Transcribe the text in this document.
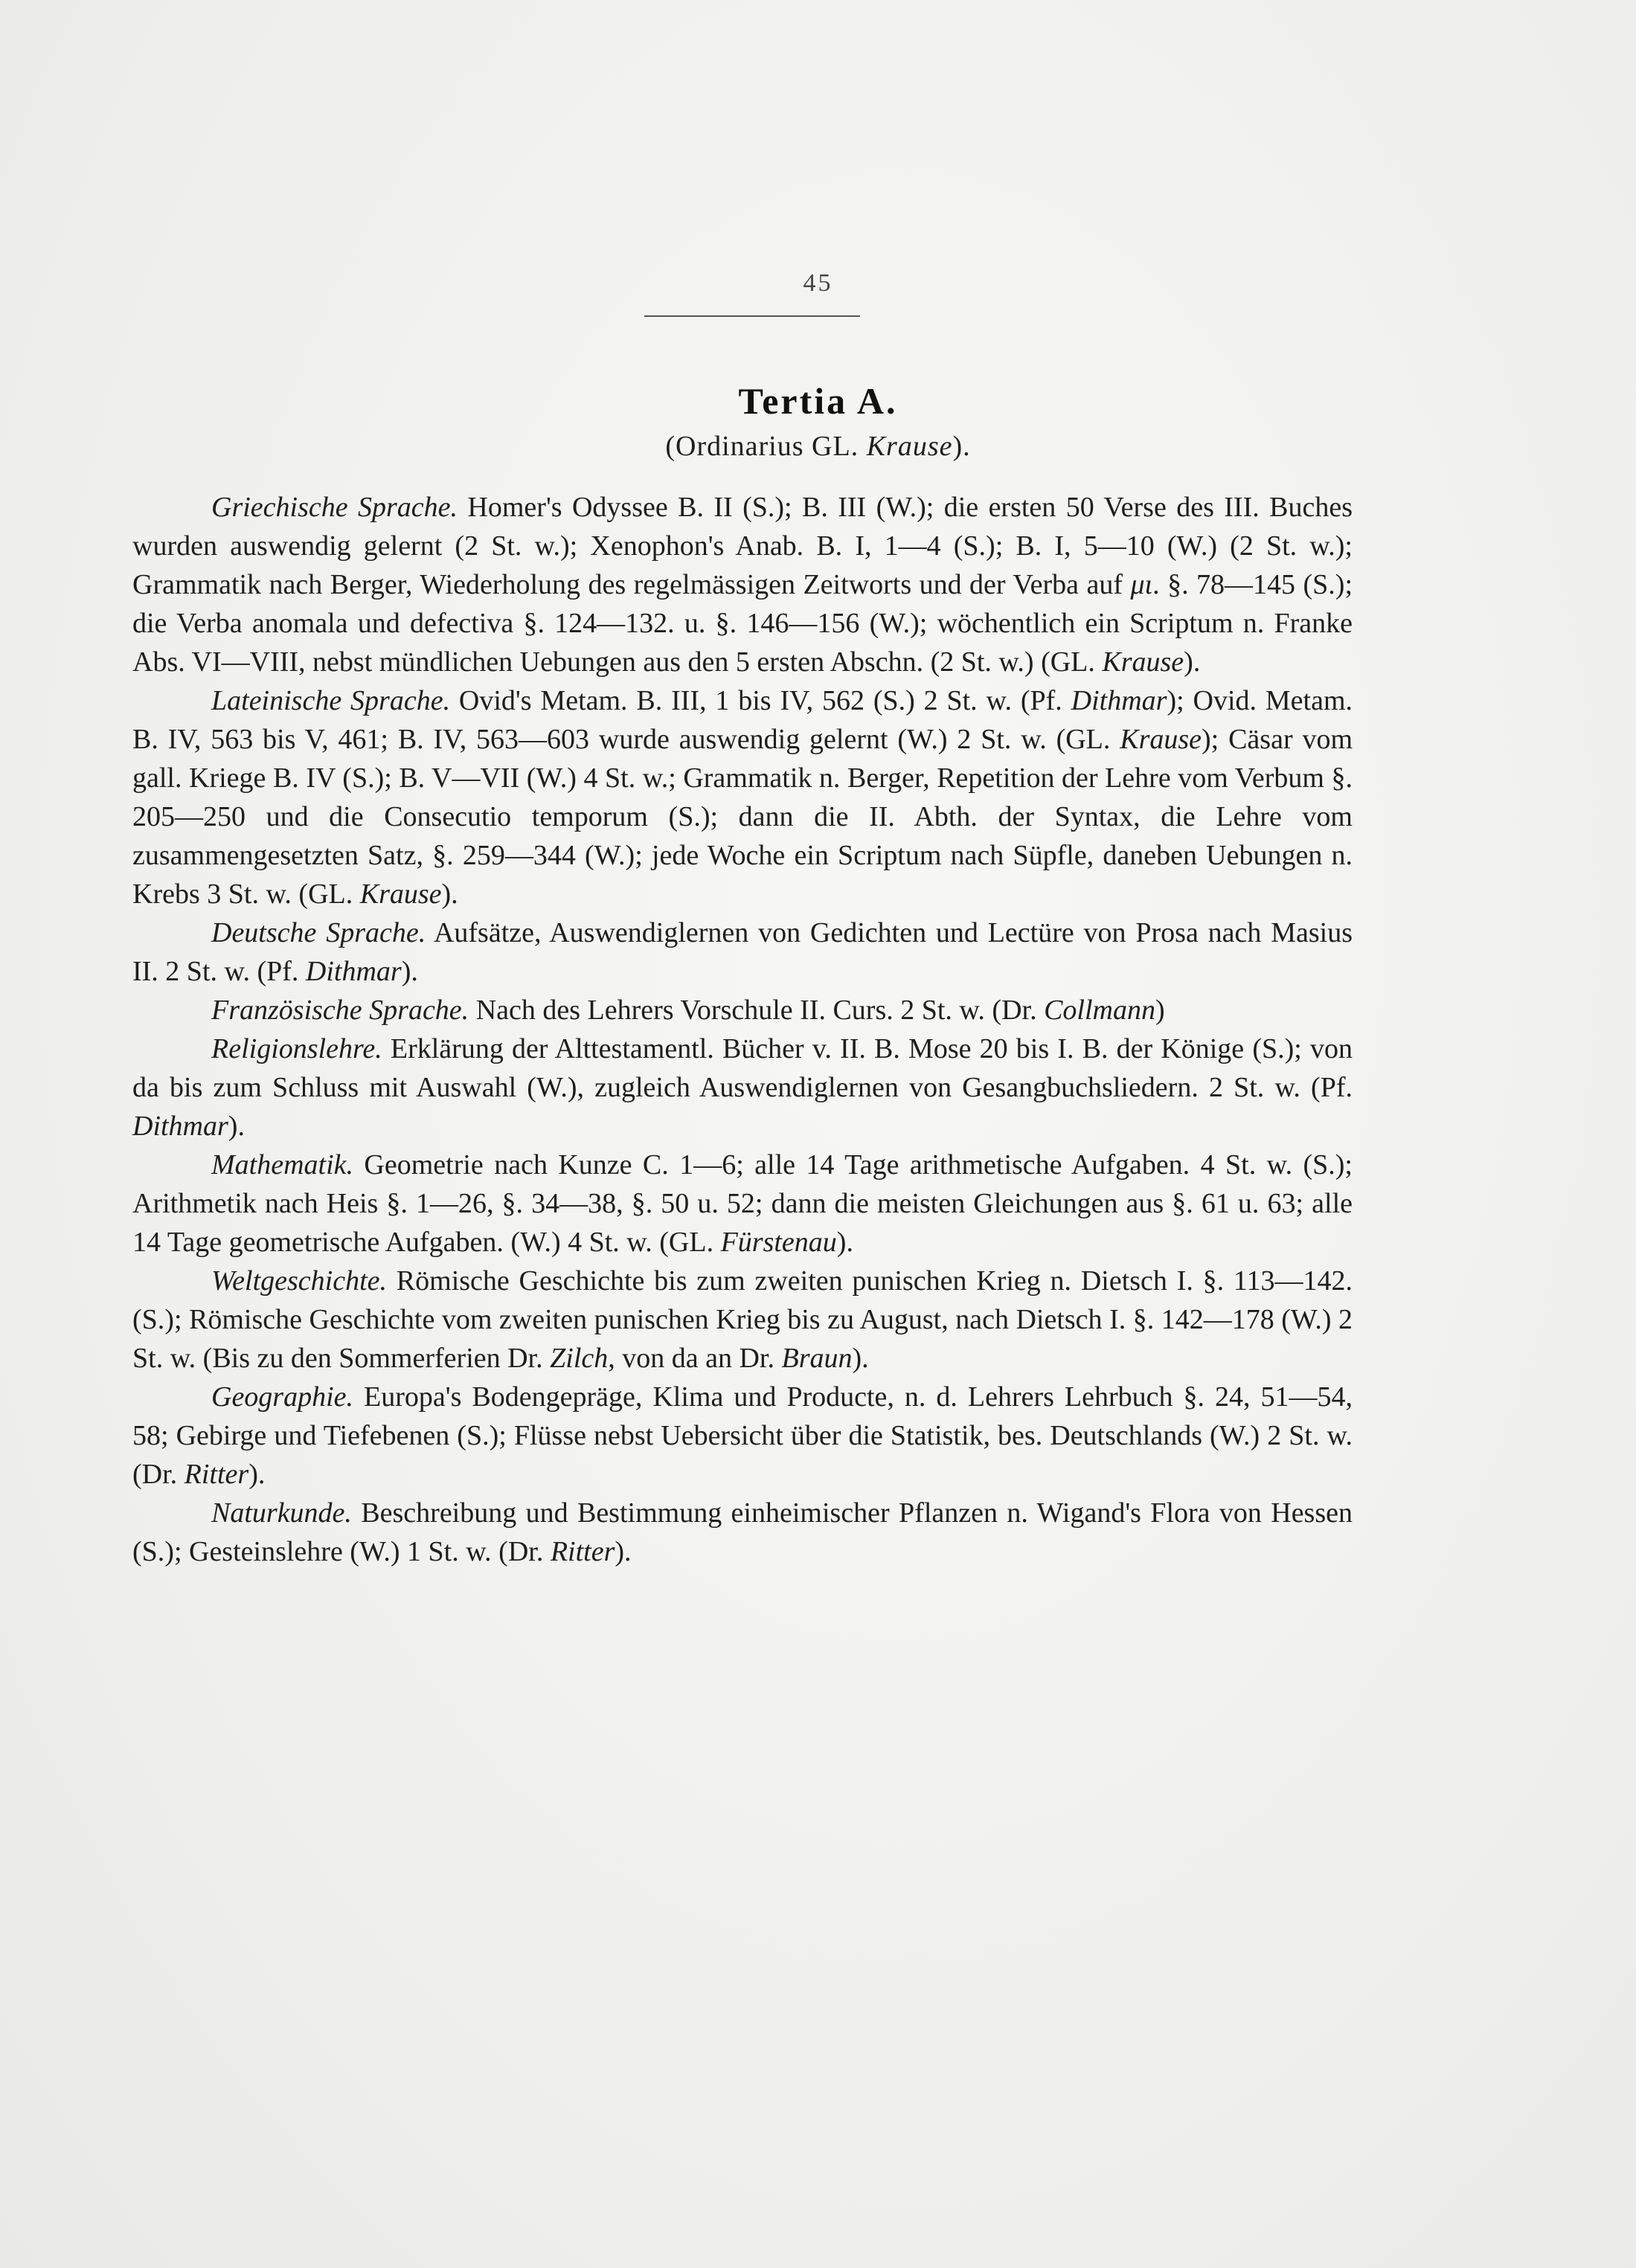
45
Tertia A.
(Ordinarius GL. Krause).

Griechische Sprache. Homer's Odyssee B. II (S.); B. III (W.); die ersten 50 Verse des III. Buches wurden auswendig gelernt (2 St. w.); Xenophon's Anab. B. I, 1—4 (S.); B. I, 5—10 (W.) (2 St. w.); Grammatik nach Berger, Wiederholung des regelmässigen Zeitworts und der Verba auf μι. §. 78—145 (S.); die Verba anomala und defectiva §. 124—132. u. §. 146—156 (W.); wöchentlich ein Scriptum n. Franke Abs. VI—VIII, nebst mündlichen Uebungen aus den 5 ersten Abschn. (2 St. w.) (GL. Krause).

Lateinische Sprache. Ovid's Metam. B. III, 1 bis IV, 562 (S.) 2 St. w. (Pf. Dithmar); Ovid. Metam. B. IV, 563 bis V, 461; B. IV, 563—603 wurde auswendig gelernt (W.) 2 St. w. (GL. Krause); Cäsar vom gall. Kriege B. IV (S.); B. V—VII (W.) 4 St. w.; Grammatik n. Berger, Repetition der Lehre vom Verbum §. 205—250 und die Consecutio temporum (S.); dann die II. Abth. der Syntax, die Lehre vom zusammengesetzten Satz, §. 259—344 (W.); jede Woche ein Scriptum nach Süpfle, daneben Uebungen n. Krebs 3 St. w. (GL. Krause).

Deutsche Sprache. Aufsätze, Auswendiglernen von Gedichten und Lectüre von Prosa nach Masius II. 2 St. w. (Pf. Dithmar).

Französische Sprache. Nach des Lehrers Vorschule II. Curs. 2 St. w. (Dr. Collmann)

Religionslehre. Erklärung der Alttestamentl. Bücher v. II. B. Mose 20 bis I. B. der Könige (S.); von da bis zum Schluss mit Auswahl (W.), zugleich Auswendiglernen von Gesangbuchsliedern. 2 St. w. (Pf. Dithmar).

Mathematik. Geometrie nach Kunze C. 1—6; alle 14 Tage arithmetische Aufgaben. 4 St. w. (S.); Arithmetik nach Heis §. 1—26, §. 34—38, §. 50 u. 52; dann die meisten Gleichungen aus §. 61 u. 63; alle 14 Tage geometrische Aufgaben. (W.) 4 St. w. (GL. Fürstenau).

Weltgeschichte. Römische Geschichte bis zum zweiten punischen Krieg n. Dietsch I. §. 113—142. (S.); Römische Geschichte vom zweiten punischen Krieg bis zu August, nach Dietsch I. §. 142—178 (W.) 2 St. w. (Bis zu den Sommerferien Dr. Zilch, von da an Dr. Braun).

Geographie. Europa's Bodengepräge, Klima und Producte, n. d. Lehrers Lehrbuch §. 24, 51—54, 58; Gebirge und Tiefebenen (S.); Flüsse nebst Uebersicht über die Statistik, bes. Deutschlands (W.) 2 St. w. (Dr. Ritter).

Naturkunde. Beschreibung und Bestimmung einheimischer Pflanzen n. Wigand's Flora von Hessen (S.); Gesteinslehre (W.) 1 St. w. (Dr. Ritter).
